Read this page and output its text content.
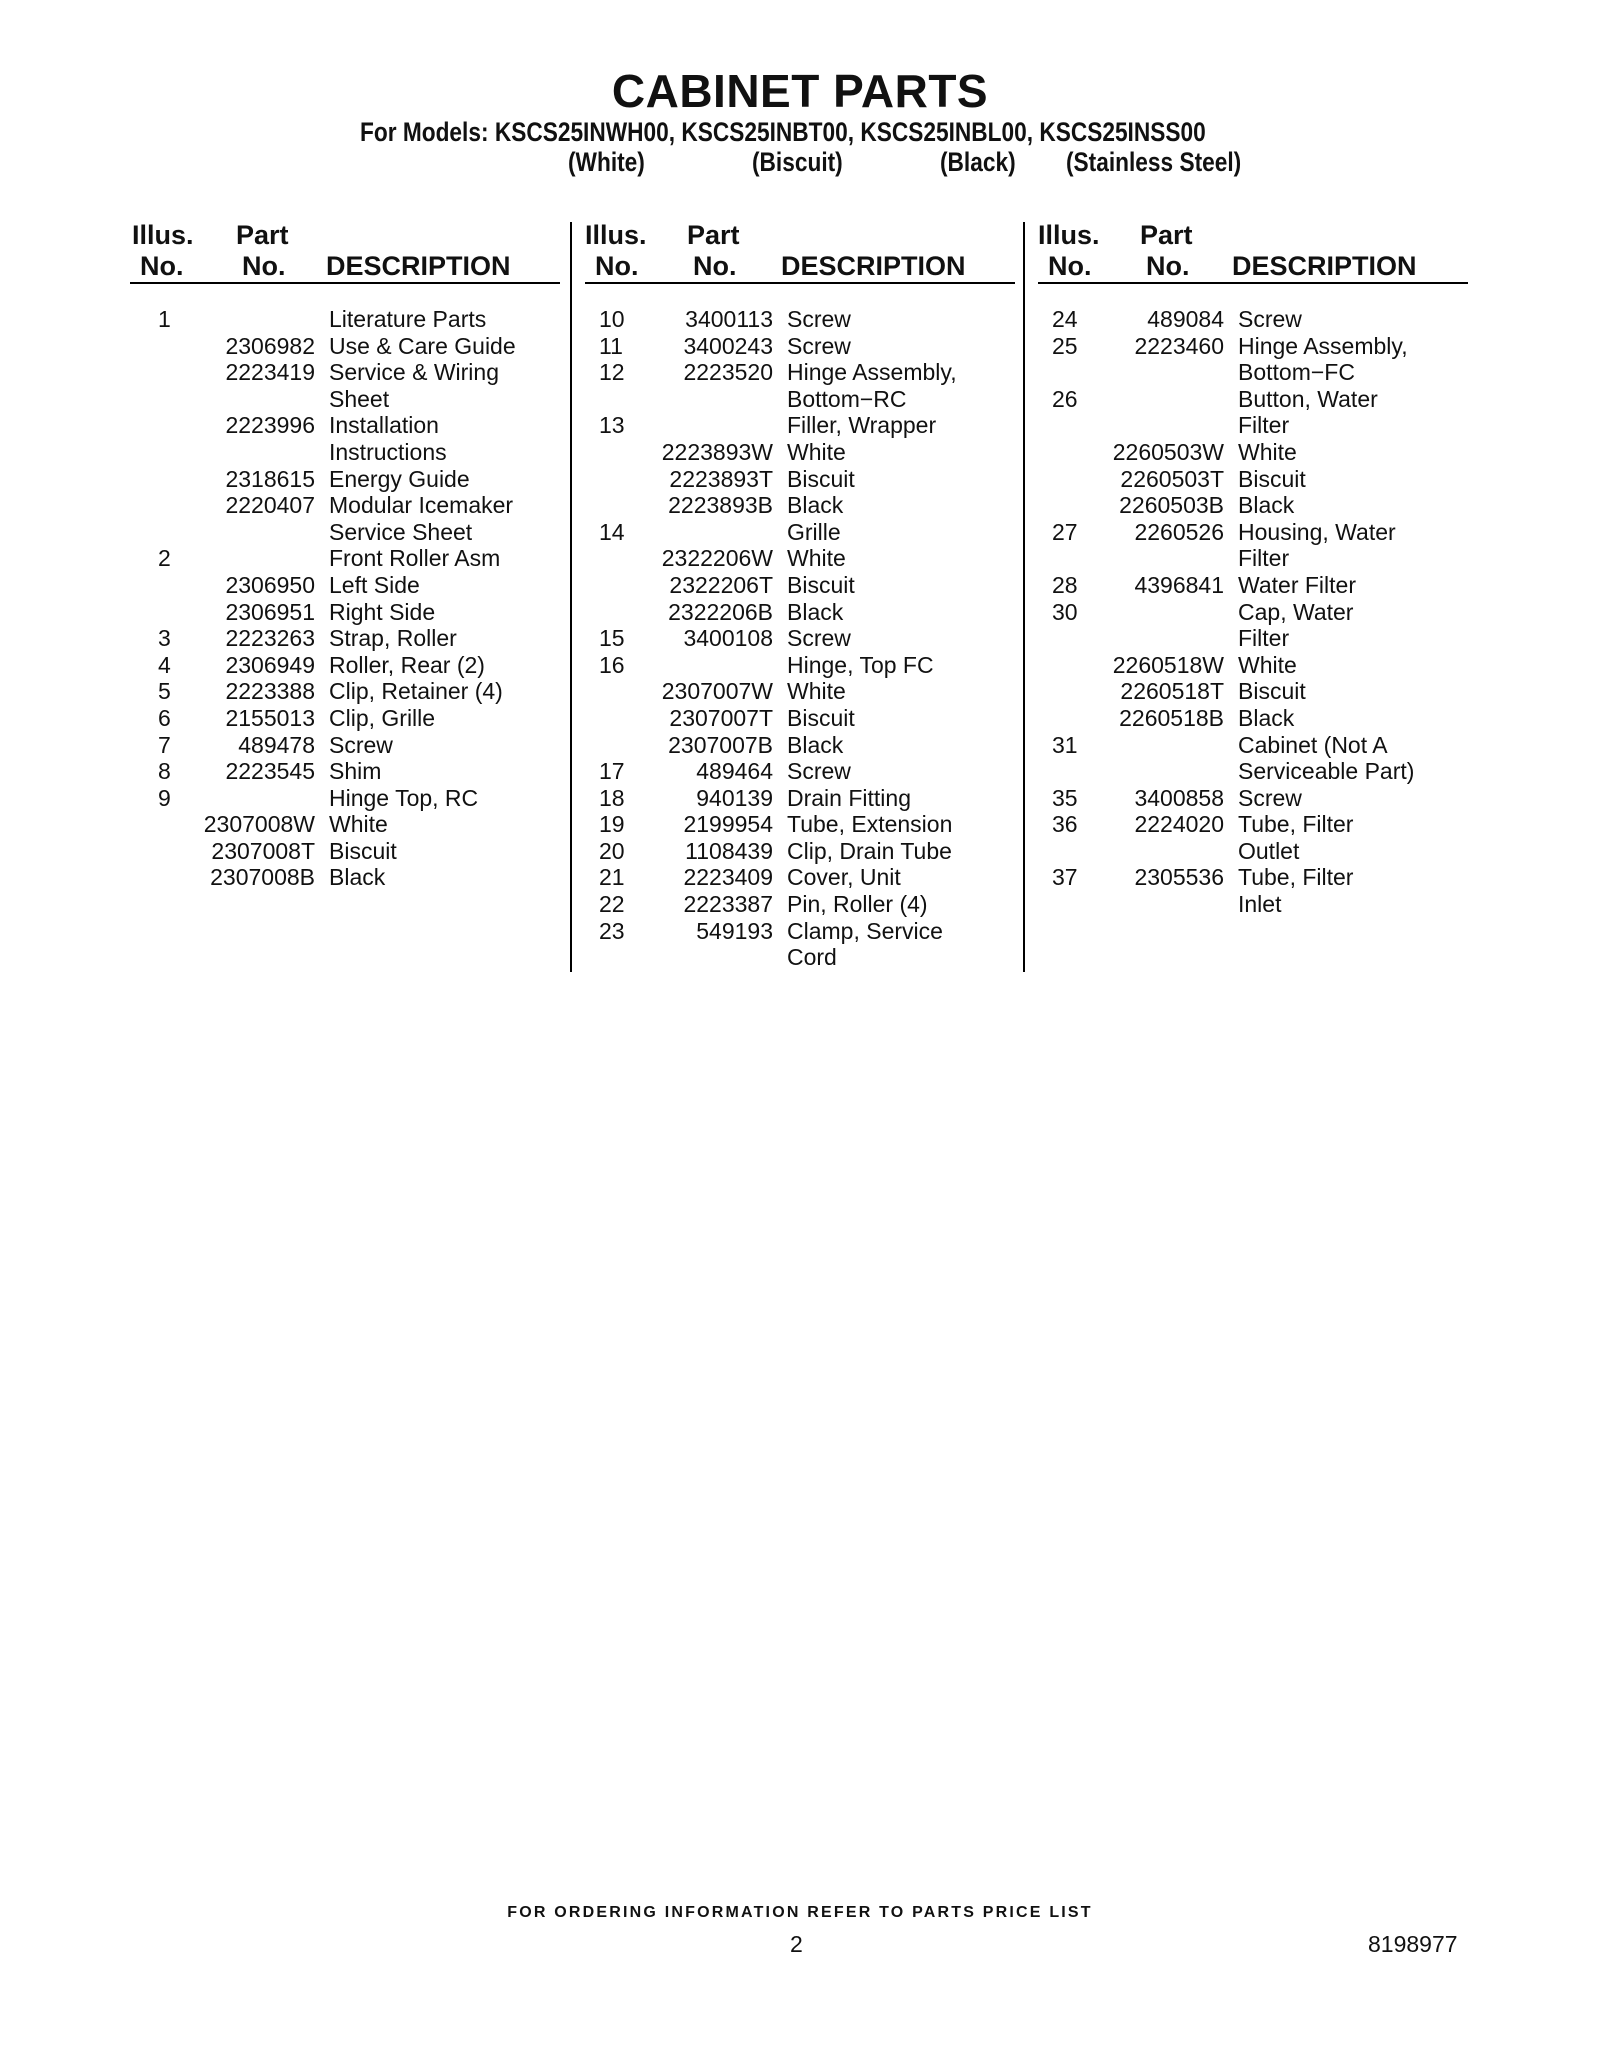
CABINET PARTS
For Models: KSCS25INWH00, KSCS25INBT00, KSCS25INBL00, KSCS25INSS00
(White)	(Biscuit)	(Black) (Stainless Steel)
Illus.
No.
Part
No. DESCRIPTION
1	Literature Parts
2306982 Use & Care Guide
2223419 Service & Wiring
Sheet
2223996 Installation
Instructions
2318615 Energy Guide
2220407 Modular Icemaker
Service Sheet
2	Front Roller Asm
2306950 Left Side
2306951 Right Side
3 2223263 Strap, Roller
4 2306949 Roller, Rear (2)
5 2223388 Clip, Retainer (4)
6 2155013 Clip, Grille
7	489478 Screw
8 2223545 Shim
9	Hinge Top, RC
2307008W White
2307008T Biscuit
2307008B Black
Illus.
No.
Part
No. DESCRIPTION
10	3400113 Screw
11	3400243 Screw
12	2223520 Hinge Assembly,
Bottom−RC
13	Filler, Wrapper
2223893W White
2223893T Biscuit
2223893B Black
14	Grille
2322206W White
2322206T Biscuit
2322206B Black
15	3400108 Screw
16	Hinge, Top FC
2307007W White
2307007T Biscuit
2307007B Black
17	489464 Screw
18	940139 Drain Fitting
19	2199954 Tube, Extension
20	1108439 Clip, Drain Tube
21	2223409 Cover, Unit
22	2223387 Pin, Roller (4)
23	549193 Clamp, Service
Cord
Illus.
No.
Part
No. DESCRIPTION
24	489084 Screw
25 2223460 Hinge Assembly,
Bottom−FC
26	Button, Water
Filter
2260503W White
2260503T Biscuit
2260503B Black
27 2260526 Housing, Water
Filter
28 4396841 Water Filter
30	Cap, Water
Filter
2260518W White
2260518T Biscuit
2260518B Black
31	Cabinet (Not A
Serviceable Part)
35 3400858 Screw
36 2224020 Tube, Filter
Outlet
37 2305536 Tube, Filter
Inlet
FOR ORDERING INFORMATION REFER TO PARTS PRICE LIST
2	8198977
